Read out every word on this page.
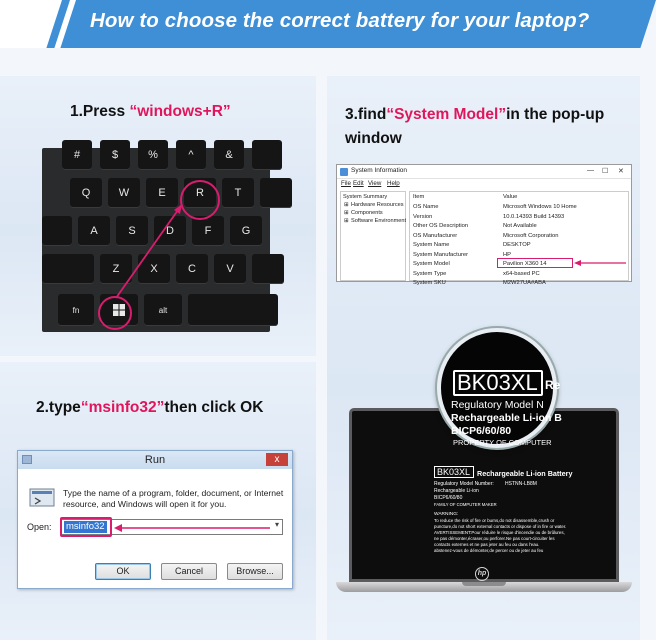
How to choose the correct battery for your laptop?
1.Press “windows+R”
#	$	%	^	&
Q	W	E	R	T
A	S	D	F	G
Z	X	C	V
fn	alt
2.type“msinfo32”then click OK
Run	x
Type the name of a program, folder, document, or Internet resource, and Windows will open it for you.
Open: msinfo32	▾
OK	Cancel	Browse...
3.find“System Model”in the pop-up
window
System Information	— ☐ ✕
File Edit View Help
System Summary
⊞ Hardware Resources
⊞ Components
⊞ Software Environment
Item	Value
OS Name	Microsoft Windows 10 Home
Version	10.0.14393 Build 14393
Other OS Description	Not Available
OS Manufacturer	Microsoft Corporation
System Name	DESKTOP
System Manufacturer	HP
System Model	Pavilion X360 14
System Type	x64-based PC
System SKU	M2W27UA#ABA
hp
BK03XL Rechargeable Li-ion Battery
Regulatory Model Number: HSTNN-LB8M
Rechargeable Li-ion
BICP6/60/80
FAMILY OF COMPUTER MAKER
WARNING:
To reduce the risk of fire or burns,do not disassemble,crush or
puncture,do not short external contacts or dispose of in fire or water.
AVERTISSEMENT:Pour réduire le risque d'incendie ou de brûlures,
ne pas démonter,écraser,ou perforer.Ne pas court-circuiter les
contacts externes et ne pas jeter au feu ou dans l'eau.
abstenez-vous de démonter,de percer ou de jeter au feu
BK03XL Re
Regulatory Model N
Rechargeable Li-ion B
BICP6/60/80
PROPERTY OF COMPUTER
